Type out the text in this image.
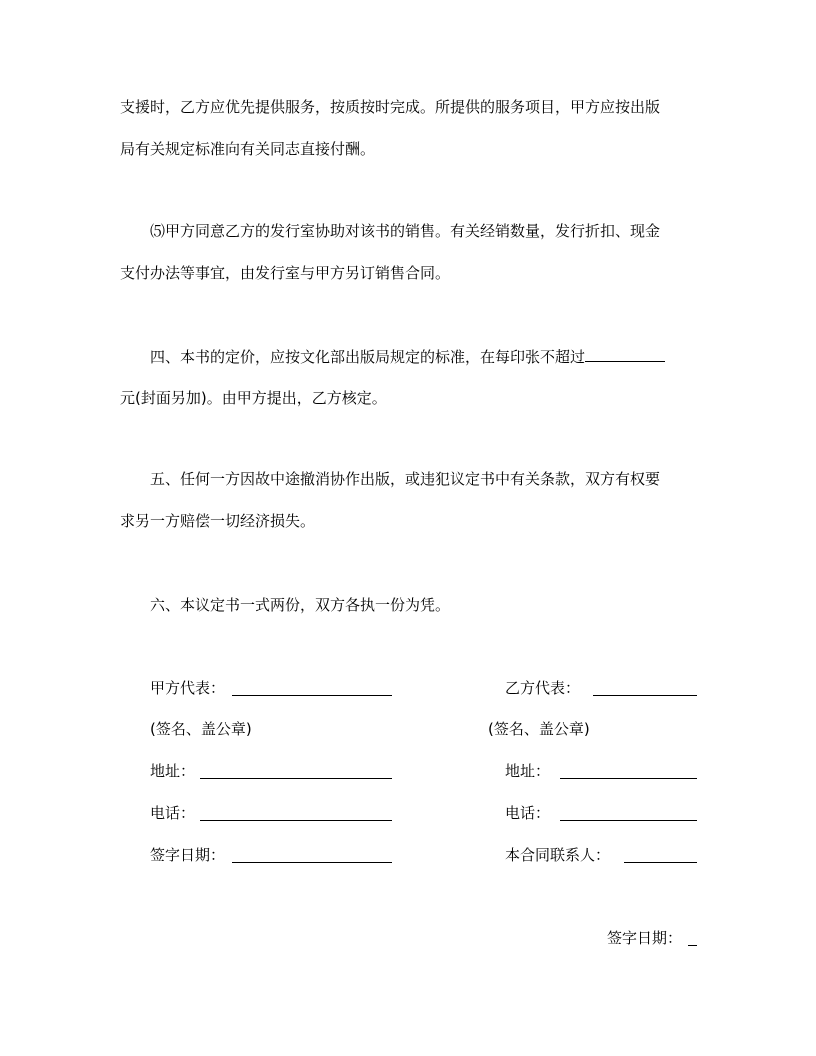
支援时，乙方应优先提供服务，按质按时完成。所提供的服务项目，甲方应按出版
局有关规定标准向有关同志直接付酬。
⑸甲方同意乙方的发行室协助对该书的销售。有关经销数量，发行折扣、现金
支付办法等事宜，由发行室与甲方另订销售合同。
四、本书的定价，应按文化部出版局规定的标准，在每印张不超过
元(封面另加)。由甲方提出，乙方核定。
五、任何一方因故中途撤消协作出版，或违犯议定书中有关条款，双方有权要
求另一方赔偿一切经济损失。
六、本议定书一式两份，双方各执一份为凭。
甲方代表：
(签名、盖公章)
地址：
电话：
签字日期：
乙方代表：
(签名、盖公章)
地址：
电话：
本合同联系人：
签字日期：
